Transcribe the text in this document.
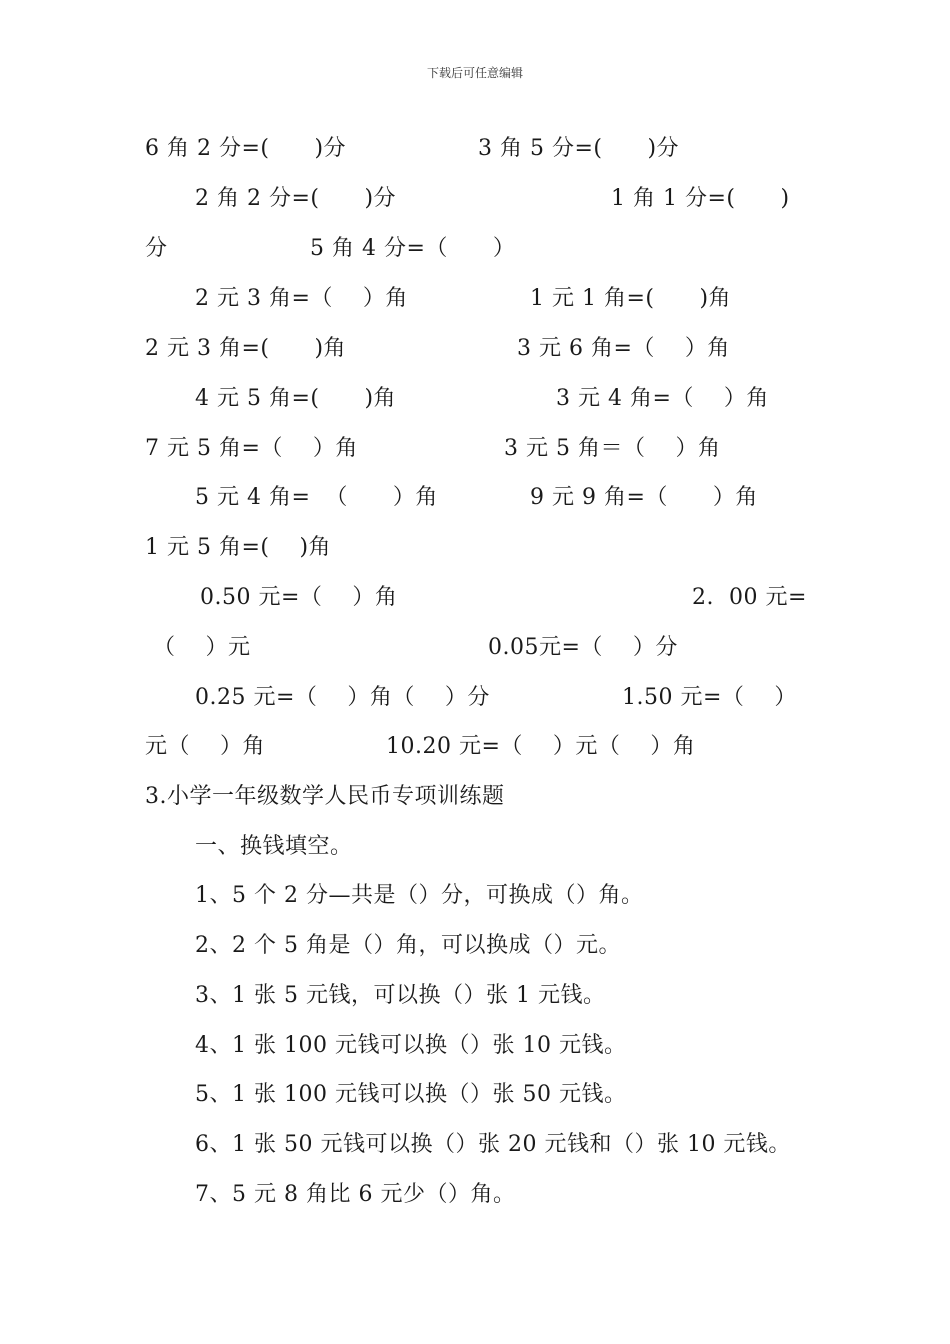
下载后可任意编辑
6 角 2 分=(      )分	3 角 5 分=(      )分
2 角 2 分=(      )分	1 角 1 分=(      )
分	5 角 4 分=（      ）
2 元 3 角=（    ）角	1 元 1 角=(      )角
2 元 3 角=(      )角	3 元 6 角=（    ）角
4 元 5 角=(      )角	3 元 4 角=（    ）角
7 元 5 角=（    ）角	3 元 5 角＝（    ）角
5 元 4 角=  （      ）角	9 元 9 角=（      ）角
1 元 5 角=(    )角
0.50 元=（    ）角	2.  00 元=
（    ）元	0.05元=（    ）分
0.25 元=（    ）角（    ）分	1.50 元=（    ）
元（    ）角	10.20 元=（    ）元（    ）角
3.小学一年级数学人民币专项训练题
一、换钱填空。
1、5 个 2 分—共是（）分，可换成（）角。
2、2 个 5 角是（）角，可以换成（）元。
3、1 张 5 元钱，可以换（）张 1 元钱。
4、1 张 100 元钱可以换（）张 10 元钱。
5、1 张 100 元钱可以换（）张 50 元钱。
6、1 张 50 元钱可以换（）张 20 元钱和（）张 10 元钱。
7、5 元 8 角比 6 元少（）角。
